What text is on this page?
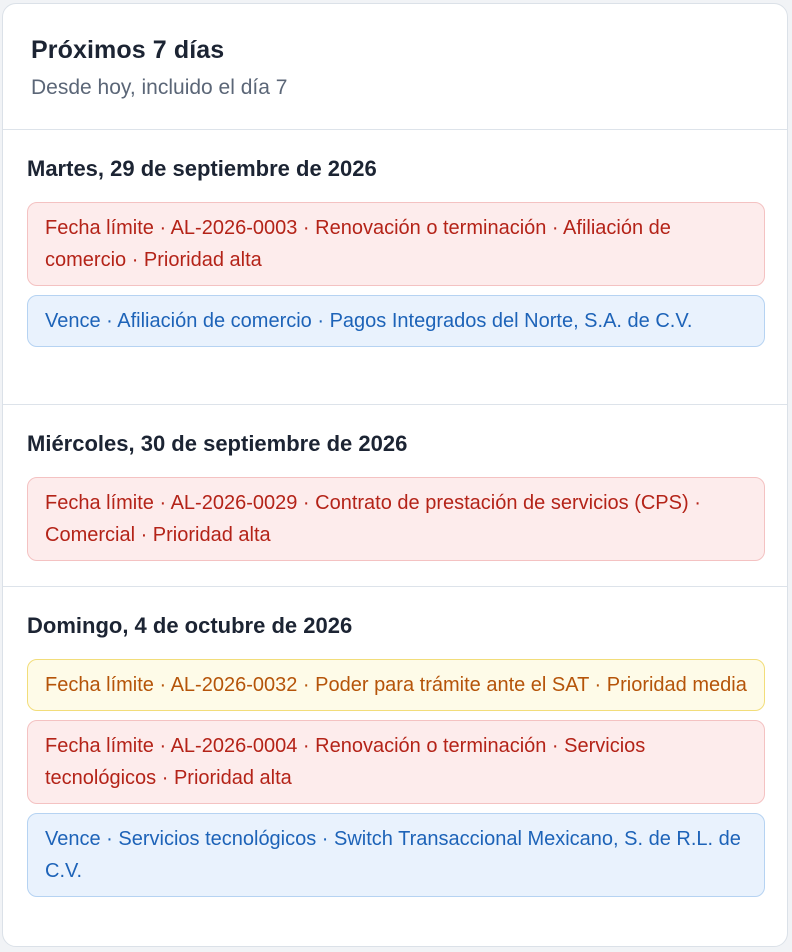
Próximos 7 días
Desde hoy, incluido el día 7
Martes, 29 de septiembre de 2026
Fecha límite · AL-2026-0003 · Renovación o terminación · Afiliación de comercio · Prioridad alta
Vence · Afiliación de comercio · Pagos Integrados del Norte, S.A. de C.V.
Miércoles, 30 de septiembre de 2026
Fecha límite · AL-2026-0029 · Contrato de prestación de servicios (CPS) · Comercial · Prioridad alta
Domingo, 4 de octubre de 2026
Fecha límite · AL-2026-0032 · Poder para trámite ante el SAT · Prioridad media
Fecha límite · AL-2026-0004 · Renovación o terminación · Servicios tecnológicos · Prioridad alta
Vence · Servicios tecnológicos · Switch Transaccional Mexicano, S. de R.L. de C.V.
